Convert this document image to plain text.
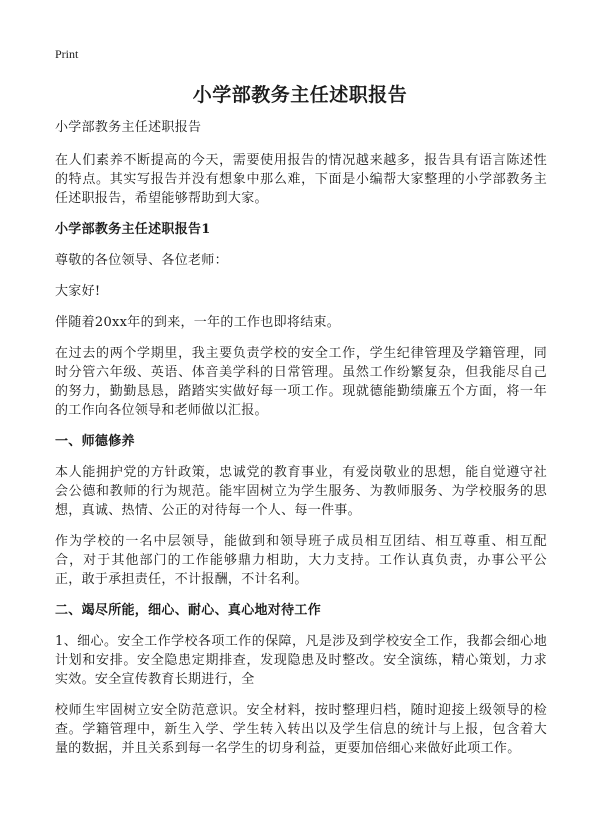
Print
小学部教务主任述职报告

小学部教务主任述职报告

在人们素养不断提高的今天，需要使用报告的情况越来越多，报告具有语言陈述性的特点。其实写报告并没有想象中那么难，下面是小编帮大家整理的小学部教务主任述职报告，希望能够帮助到大家。

小学部教务主任述职报告1

尊敬的各位领导、各位老师：

大家好!

伴随着20xx年的到来，一年的工作也即将结束。

在过去的两个学期里，我主要负责学校的安全工作，学生纪律管理及学籍管理，同时分管六年级、英语、体音美学科的日常管理。虽然工作纷繁复杂，但我能尽自己的努力，勤勤恳恳，踏踏实实做好每一项工作。现就德能勤绩廉五个方面，将一年的工作向各位领导和老师做以汇报。

一、师德修养

本人能拥护党的方针政策，忠诚党的教育事业，有爱岗敬业的思想，能自觉遵守社会公德和教师的行为规范。能牢固树立为学生服务、为教师服务、为学校服务的思想，真诚、热情、公正的对待每一个人、每一件事。

作为学校的一名中层领导，能做到和领导班子成员相互团结、相互尊重、相互配合，对于其他部门的工作能够鼎力相助，大力支持。工作认真负责，办事公平公正，敢于承担责任，不计报酬，不计名利。

二、竭尽所能，细心、耐心、真心地对待工作

1、细心。安全工作学校各项工作的保障，凡是涉及到学校安全工作，我都会细心地计划和安排。安全隐患定期排查，发现隐患及时整改。安全演练，精心策划，力求实效。安全宣传教育长期进行，全

校师生牢固树立安全防范意识。安全材料，按时整理归档，随时迎接上级领导的检查。学籍管理中，新生入学、学生转入转出以及学生信息的统计与上报，包含着大量的数据，并且关系到每一名学生的切身利益，更要加倍细心来做好此项工作。
